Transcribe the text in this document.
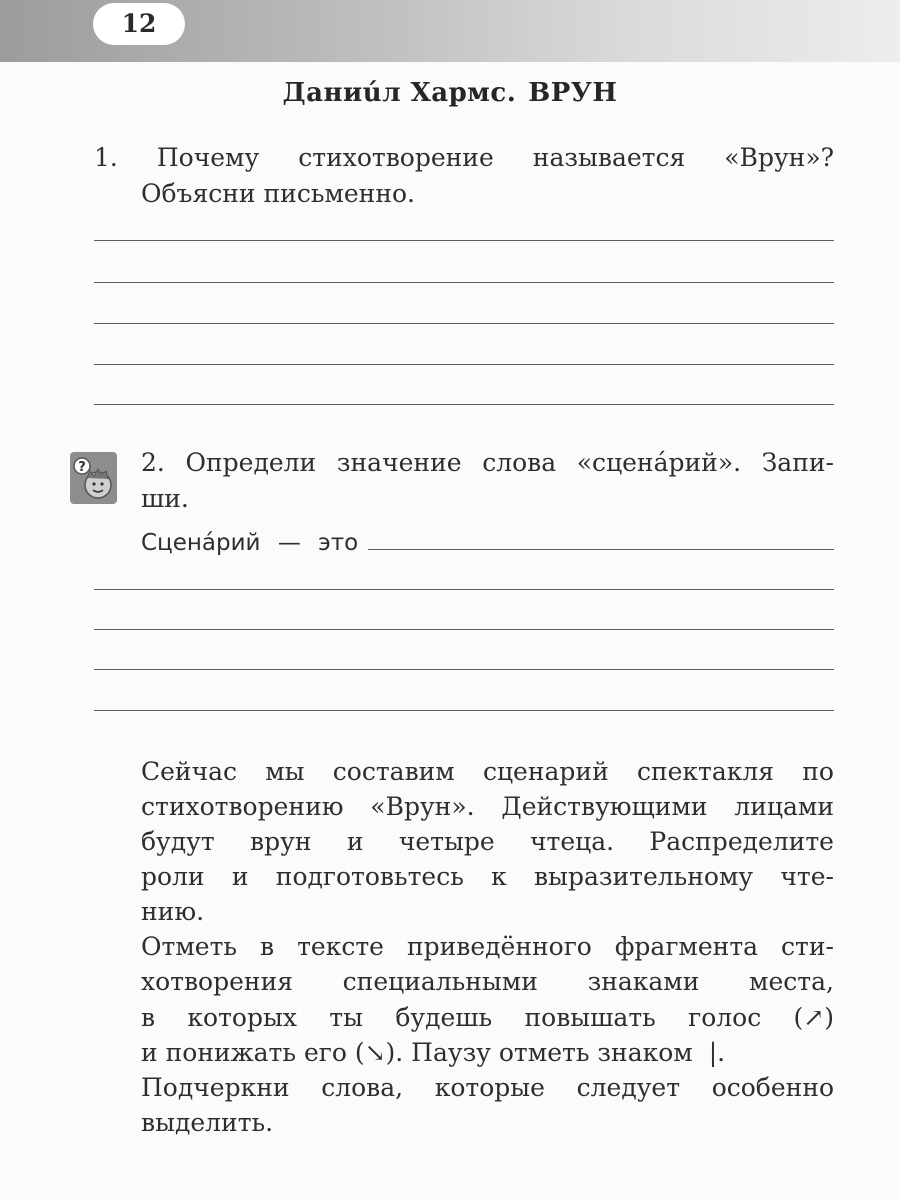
12
Даниúл Хармс. ВРУН
1. Почему стихотворение называется «Врун»?
Объясни письменно.
? 2. Определи значение слова «сценáрий». Запи-
ши.
Сценáрий — это
Сейчас мы составим сценарий спектакля по
стихотворению «Врун». Действующими лицами
будут врун и четыре чтеца. Распределите
роли и подготовьтесь к выразительному чте-
нию.
Отметь в тексте приведённого фрагмента сти-
хотворения специальными знаками места,
в которых ты будешь повышать голос (↗)
и понижать его (↘). Паузу отметь знаком |.
Подчеркни слова, которые следует особенно
выделить.
